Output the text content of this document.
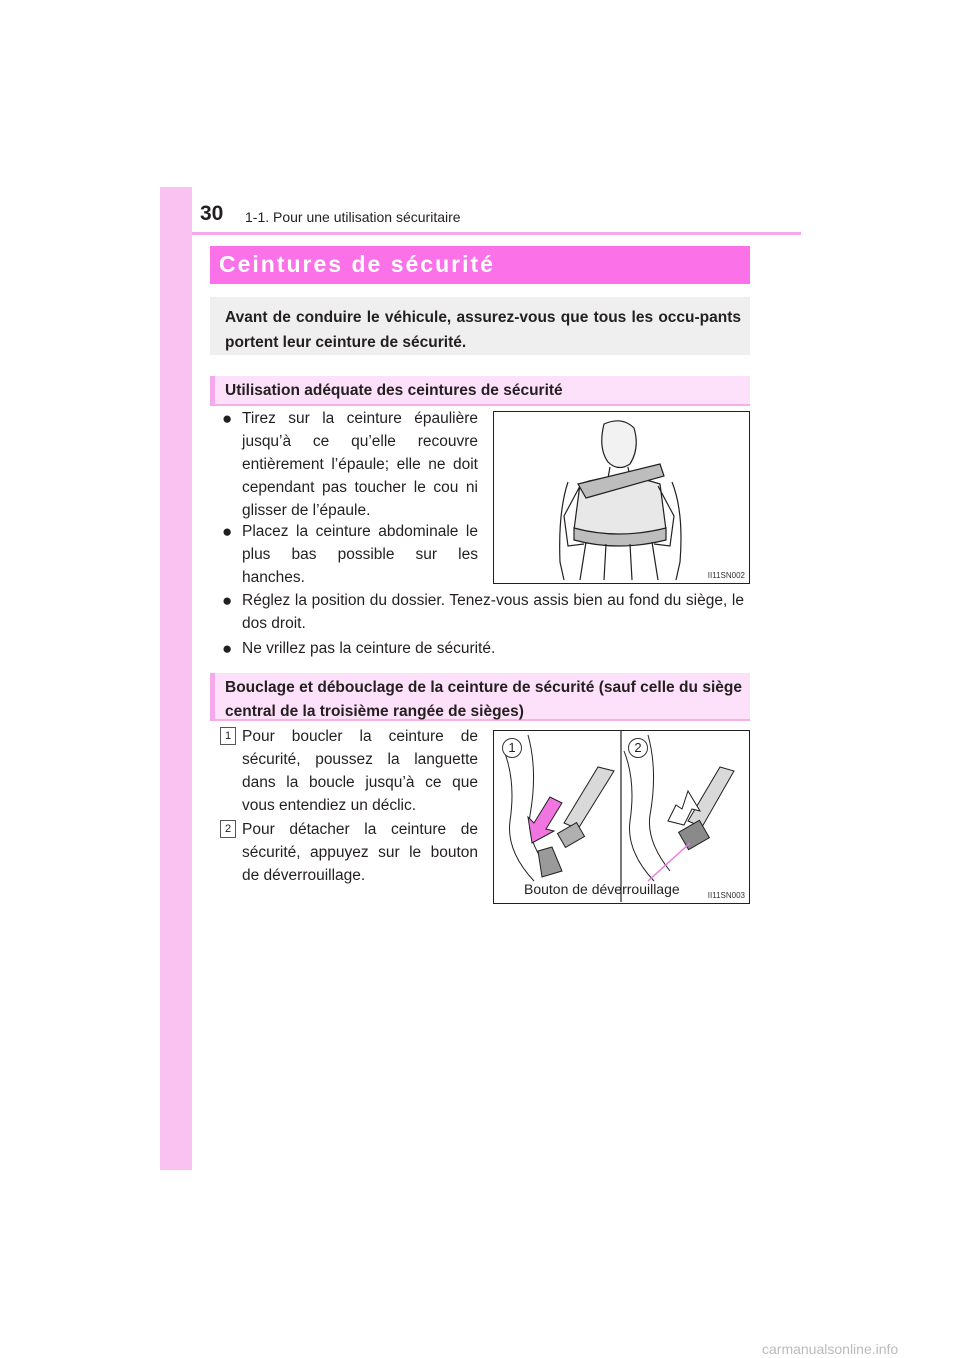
30 1-1. Pour une utilisation sécuritaire
Ceintures de sécurité

Avant de conduire le véhicule, assurez-vous que tous les occu-pants portent leur ceinture de sécurité.

Utilisation adéquate des ceintures de sécurité

● Tirez sur la ceinture épaulière jusqu’à ce qu’elle recouvre entièrement l’épaule; elle ne doit cependant pas toucher le cou ni glisser de l’épaule.
● Placez la ceinture abdominale le plus bas possible sur les hanches.
● Réglez la position du dossier. Tenez-vous assis bien au fond du siège, le dos droit.
● Ne vrillez pas la ceinture de sécurité.
II11SN002

Bouclage et débouclage de la ceinture de sécurité (sauf celle du siège central de la troisième rangée de sièges)

1 Pour boucler la ceinture de sécurité, poussez la languette dans la boucle jusqu’à ce que vous entendiez un déclic.
2 Pour détacher la ceinture de sécurité, appuyez sur le bouton de déverrouillage.
1	2
Bouton de déverrouillage	II11SN003
carmanualsonline.info
